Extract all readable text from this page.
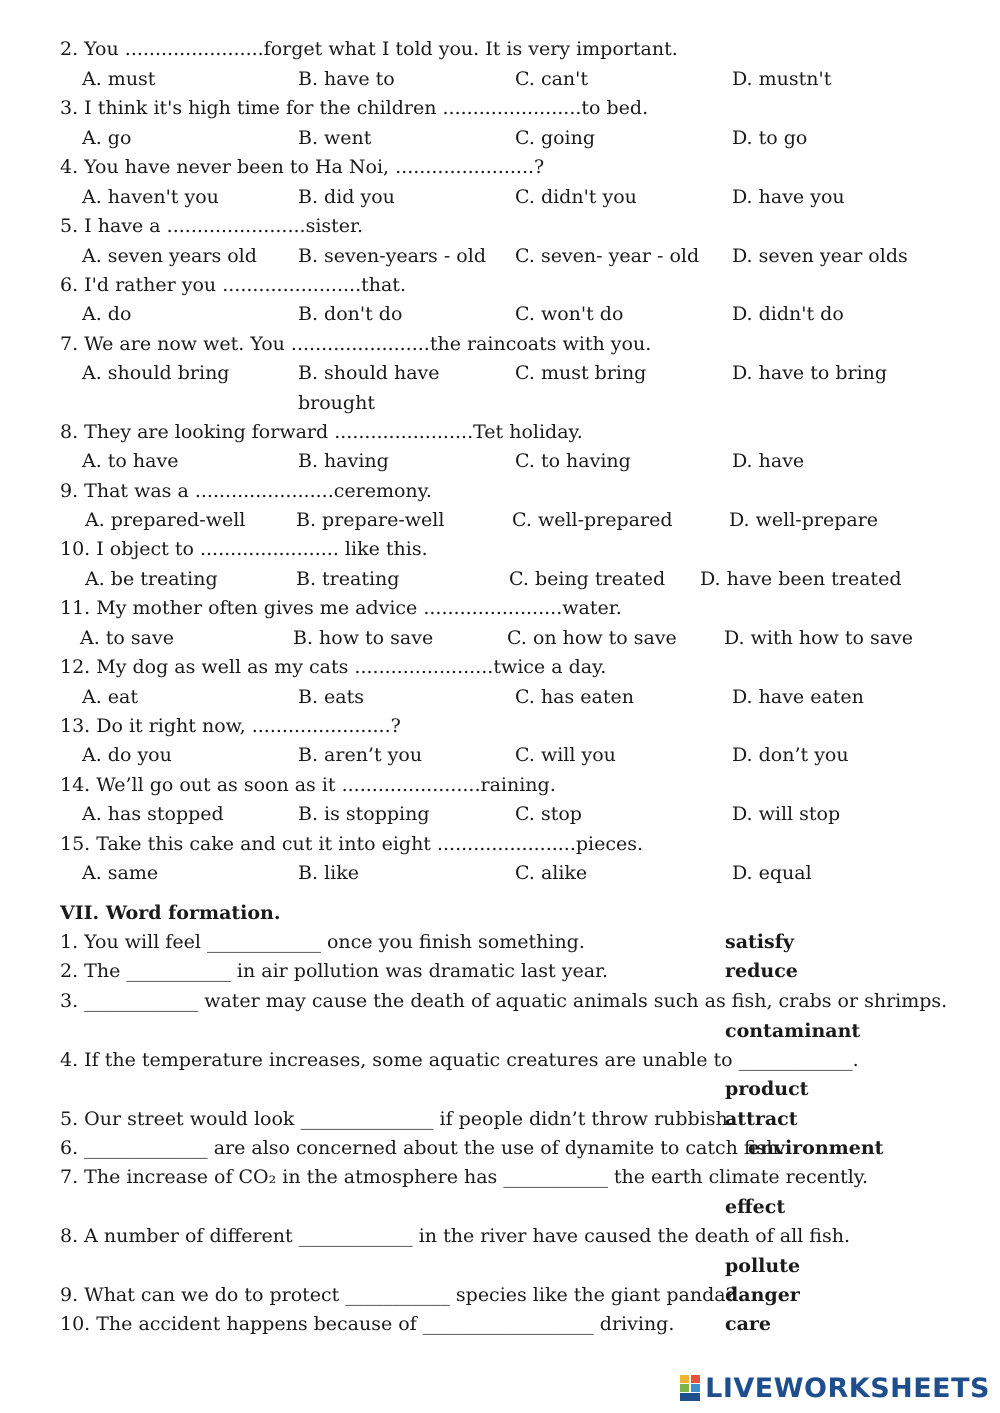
2. You .......................forget what I told you. It is very important.
A. must	B. have to	C. can't	D. mustn't
3. I think it's high time for the children .......................to bed.
A. go	B. went	C. going	D. to go
4. You have never been to Ha Noi, .......................?
A. haven't you	B. did you	C. didn't you	D. have you
5. I have a .......................sister.
A. seven years old B. seven-years - old C. seven- year - old D. seven year olds
6. I'd rather you .......................that.
A. do	B. don't do	C. won't do	D. didn't do
7. We are now wet. You .......................the raincoats with you.
A. should bring	B. should have brought
C. must bring	D. have to bring
8. They are looking forward .......................Tet holiday.
A. to have	B. having	C. to having	D. have
9. That was a .......................ceremony.
A. prepared-well	B. prepare-well	C. well-prepared	D. well-prepare
10. I object to ....................... like this.
A. be treating	B. treating	C. being treated D. have been treated
11. My mother often gives me advice .......................water.
A. to save	B. how to save	C. on how to save D. with how to save
12. My dog as well as my cats .......................twice a day.
A. eat	B. eats	C. has eaten	D. have eaten
13. Do it right now, .......................?
A. do you	B. aren’t you	C. will you	D. don’t you
14. We’ll go out as soon as it .......................raining.
A. has stopped	B. is stopping	C. stop	D. will stop
15. Take this cake and cut it into eight .......................pieces.
A. same	B. like	C. alike	D. equal
VII. Word formation.
1. You will feel ____________ once you finish something.	satisfy
2. The ___________ in air pollution was dramatic last year.	reduce
3. ____________ water may cause the death of aquatic animals such as fish, crabs or shrimps.
contaminant
4. If the temperature increases, some aquatic creatures are unable to ____________.
product
5. Our street would look ______________ if people didn’t throw rubbish.
attract
6. _____________ are also concerned about the use of dynamite to catch fish.
environment
7. The increase of CO₂ in the atmosphere has ___________ the earth climate recently.
effect
8. A number of different ____________ in the river have caused the death of all fish.
pollute
9. What can we do to protect ___________ species like the giant panda?
danger
10. The accident happens because of __________________ driving.	care
LIVEWORKSHEETS
